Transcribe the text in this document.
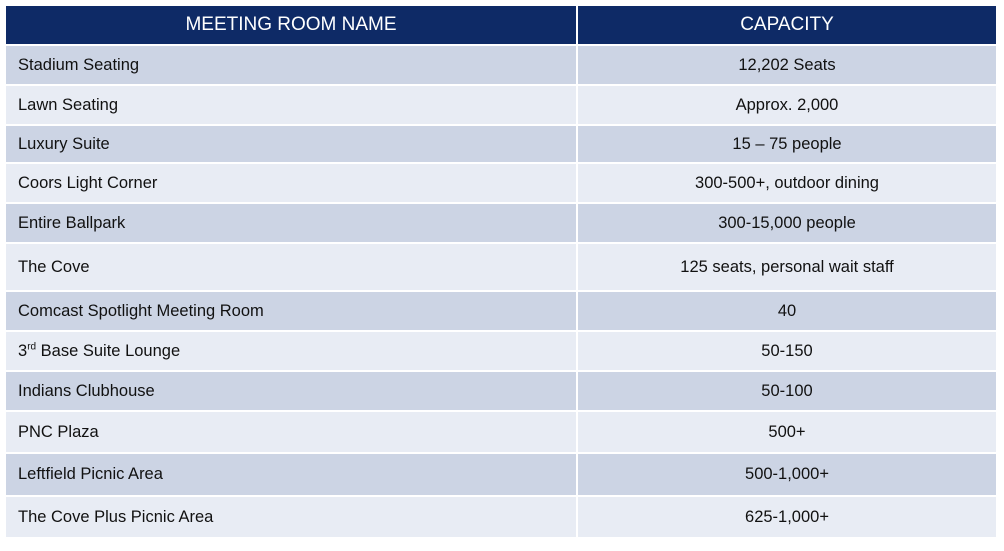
MEETING ROOM NAME	CAPACITY
Stadium Seating	12,202 Seats
Lawn Seating	Approx. 2,000
Luxury Suite	15 – 75 people
Coors Light Corner	300-500+, outdoor dining
Entire Ballpark	300-15,000 people
The Cove	125 seats, personal wait staff
Comcast Spotlight Meeting Room	40
3rd Base Suite Lounge	50-150
Indians Clubhouse	50-100
PNC Plaza	500+
Leftfield Picnic Area	500-1,000+
The Cove Plus Picnic Area	625-1,000+
